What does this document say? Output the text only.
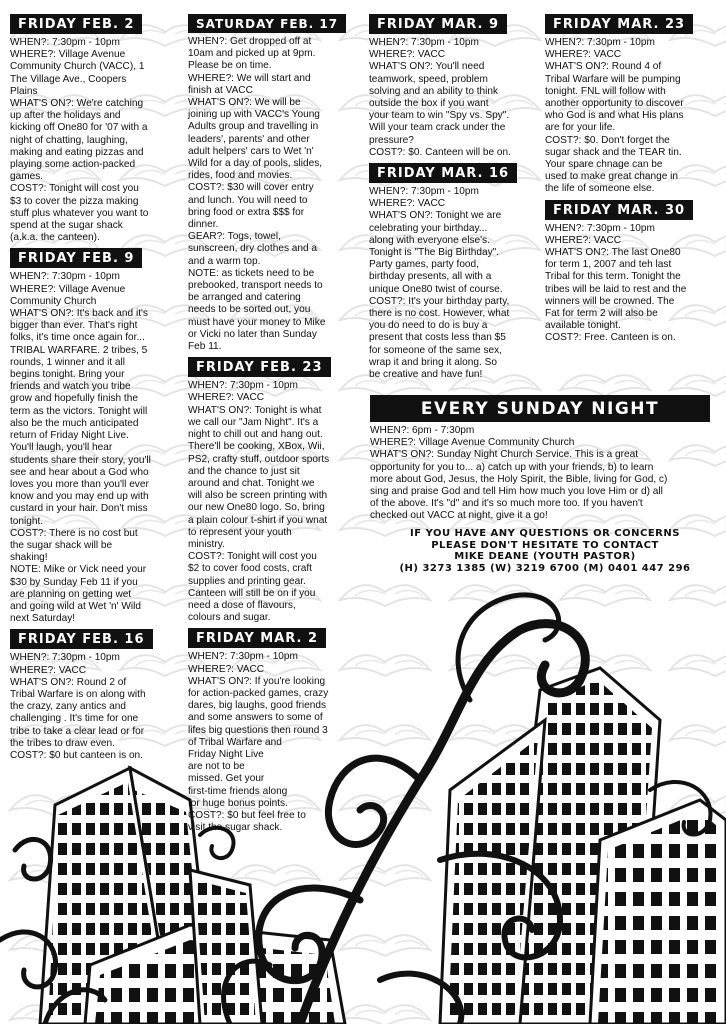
FRIDAY FEB. 2

WHEN?: 7:30pm - 10pm

WHERE?: Village Avenue

Community Church (VACC), 1

The Village Ave., Coopers

Plains

WHAT'S ON?: We're catching

up after the holidays and

kicking off One80 for '07 with a

night of chatting, laughing,

making and eating pizzas and

playing some action-packed

games.

COST?: Tonight will cost you

$3 to cover the pizza making

stuff plus whatever you want to

spend at the sugar shack

(a.k.a. the canteen).

FRIDAY FEB. 9

WHEN?: 7:30pm - 10pm

WHERE?: Village Avenue

Community Church

WHAT'S ON?: It's back and it's

bigger than ever. That's right

folks, it's time once again for...

TRIBAL WARFARE. 2 tribes, 5

rounds, 1 winner and it all

begins tonight. Bring your

friends and watch you tribe

grow and hopefully finish the

term as the victors. Tonight will

also be the much anticipated

return of Friday Night Live.

You'll laugh, you'll hear

students share their story, you'll

see and hear about a God who

loves you more than you'll ever

know and you may end up with

custard in your hair. Don't miss

tonight.

COST?: There is no cost but

the sugar shack will be

shaking!

NOTE: Mike or Vick need your

$30 by Sunday Feb 11 if you

are planning on getting wet

and going wild at Wet 'n' Wild

next Saturday!

FRIDAY FEB. 16

WHEN?: 7:30pm - 10pm

WHERE?: VACC

WHAT'S ON?: Round 2 of

Tribal Warfare is on along with

the crazy, zany antics and

challenging . It's time for one

tribe to take a clear lead or for

the tribes to draw even.

COST?: $0 but canteen is on.

SATURDAY FEB. 17

WHEN?: Get dropped off at

10am and picked up at 9pm.

Please be on time.

WHERE?: We will start and

finish at VACC

WHAT'S ON?: We will be

joining up with VACC's Young

Adults group and travelling in

leaders', parents' and other

adult helpers' cars to Wet 'n'

Wild for a day of pools, slides,

rides, food and movies.

COST?: $30 will cover entry

and lunch. You will need to

bring food or extra $$$ for

dinner.

GEAR?: Togs, towel,

sunscreen, dry clothes and a

and a warm top.

NOTE: as tickets need to be

prebooked, transport needs to

be arranged and catering

needs to be sorted out, you

must have your money to Mike

or Vicki no later than Sunday

Feb 11.

FRIDAY FEB. 23

WHEN?: 7:30pm - 10pm

WHERE?: VACC

WHAT'S ON?: Tonight is what

we call our "Jam Night". It's a

night to chill out and hang out.

There'll be cooking, XBox, Wii,

PS2, crafty stuff, outdoor sports

and the chance to just sit

around and chat. Tonight we

will also be screen printing with

our new One80 logo. So, bring

a plain colour t-shirt if you wnat

to represent your youth

ministry.

COST?: Tonight will cost you

$2 to cover food costs, craft

supplies and printing gear.

Canteen will still be on if you

need a dose of flavours,

colours and sugar.

FRIDAY MAR. 2

WHEN?: 7:30pm - 10pm

WHERE?: VACC

WHAT'S ON?: If you're looking

for action-packed games, crazy

dares, big laughs, good friends

and some answers to some of

lifes big questions then round 3

of Tribal Warfare and

Friday Night Live

are not to be

missed. Get your

first-time friends along

for huge bonus points.

COST?: $0 but feel free to

visit the sugar shack.

FRIDAY MAR. 9

WHEN?: 7:30pm - 10pm

WHERE?: VACC

WHAT'S ON?: You'll need

teamwork, speed, problem

solving and an ability to think

outside the box if you want

your team to win "Spy vs. Spy".

Will your team crack under the

pressure?

COST?: $0. Canteen will be on.

FRIDAY MAR. 16

WHEN?: 7:30pm - 10pm

WHERE?: VACC

WHAT'S ON?: Tonight we are

celebrating your birthday...

along with everyone else's.

Tonight is "The Big Birthday".

Party games, party food,

birthday presents, all with a

unique One80 twist of course.

COST?: It's your birthday party,

there is no cost. However, what

you do need to do is buy a

present that costs less than $5

for someone of the same sex,

wrap it and bring it along. So

be creative and have fun!

FRIDAY MAR. 23

WHEN?: 7:30pm - 10pm

WHERE?: VACC

WHAT'S ON?: Round 4 of

Tribal Warfare will be pumping

tonight. FNL will follow with

another opportunity to discover

who God is and what His plans

are for your life.

COST?: $0. Don't forget the

sugar shack and the TEAR tin.

Your spare chnage can be

used to make great change in

the life of someone else.

FRIDAY MAR. 30

WHEN?: 7:30pm - 10pm

WHERE?: VACC

WHAT'S ON?: The last One80

for term 1, 2007 and teh last

Tribal for this term. Tonight the

tribes will be laid to rest and the

winners will be crowned. The

Fat for term 2 will also be

available tonight.

COST?: Free. Canteen is on.

EVERY SUNDAY NIGHT

WHEN?: 6pm - 7:30pm

WHERE?: Village Avenue Community Church

WHAT'S ON?: Sunday Night Church Service. This is a great

opportunity for you to... a) catch up with your friends, b) to learn

more about God, Jesus, the Holy Spirit, the Bible, living for God, c)

sing and praise God and tell Him how much you love Him or d) all

of the above. It's "d" and it's so much more too. If you haven't

checked out VACC at night, give it a go!

IF YOU HAVE ANY QUESTIONS OR CONCERNS
PLEASE DON'T HESITATE TO CONTACT
MIKE DEANE (YOUTH PASTOR)
(H) 3273 1385 (W) 3219 6700 (M) 0401 447 296
